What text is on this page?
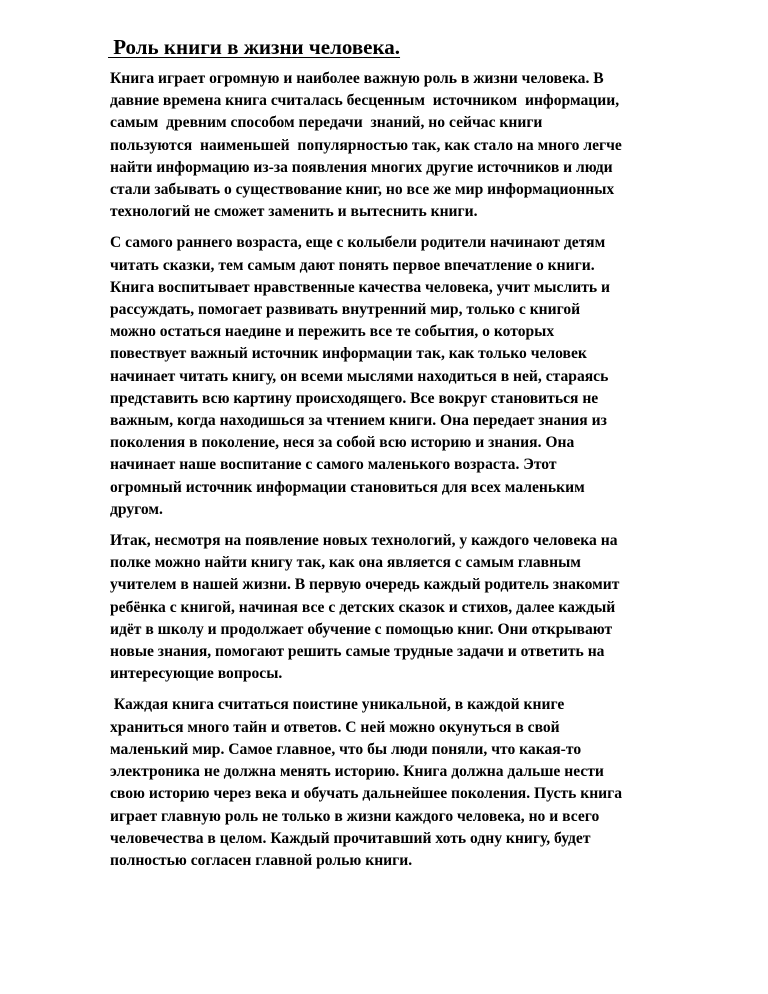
Роль книги в жизни человека.

Книга играет огромную и наиболее важную роль в жизни человека. В
давние времена книга считалась бесценным  источником  информации,
самым  древним способом передачи  знаний, но сейчас книги
пользуются  наименьшей  популярностью так, как стало на много легче
найти информацию из-за появления многих другие источников и люди
стали забывать о существование книг, но все же мир информационных
технологий не сможет заменить и вытеснить книги.

С самого раннего возраста, еще с колыбели родители начинают детям
читать сказки, тем самым дают понять первое впечатление о книги.
Книга воспитывает нравственные качества человека, учит мыслить и
рассуждать, помогает развивать внутренний мир, только с книгой
можно остаться наедине и пережить все те события, о которых
повествует важный источник информации так, как только человек
начинает читать книгу, он всеми мыслями находиться в ней, стараясь
представить всю картину происходящего. Все вокруг становиться не
важным, когда находишься за чтением книги. Она передает знания из
поколения в поколение, неся за собой всю историю и знания. Она
начинает наше воспитание с самого маленького возраста. Этот
огромный источник информации становиться для всех маленьким
другом.

Итак, несмотря на появление новых технологий, у каждого человека на
полке можно найти книгу так, как она является с самым главным
учителем в нашей жизни. В первую очередь каждый родитель знакомит
ребёнка с книгой, начиная все с детских сказок и стихов, далее каждый
идёт в школу и продолжает обучение с помощью книг. Они открывают
новые знания, помогают решить самые трудные задачи и ответить на
интересующие вопросы.

Каждая книга считаться поистине уникальной, в каждой книге
храниться много тайн и ответов. С ней можно окунуться в свой
маленький мир. Самое главное, что бы люди поняли, что какая-то
электроника не должна менять историю. Книга должна дальше нести
свою историю через века и обучать дальнейшее поколения. Пусть книга
играет главную роль не только в жизни каждого человека, но и всего
человечества в целом. Каждый прочитавший хоть одну книгу, будет
полностью согласен главной ролью книги.
